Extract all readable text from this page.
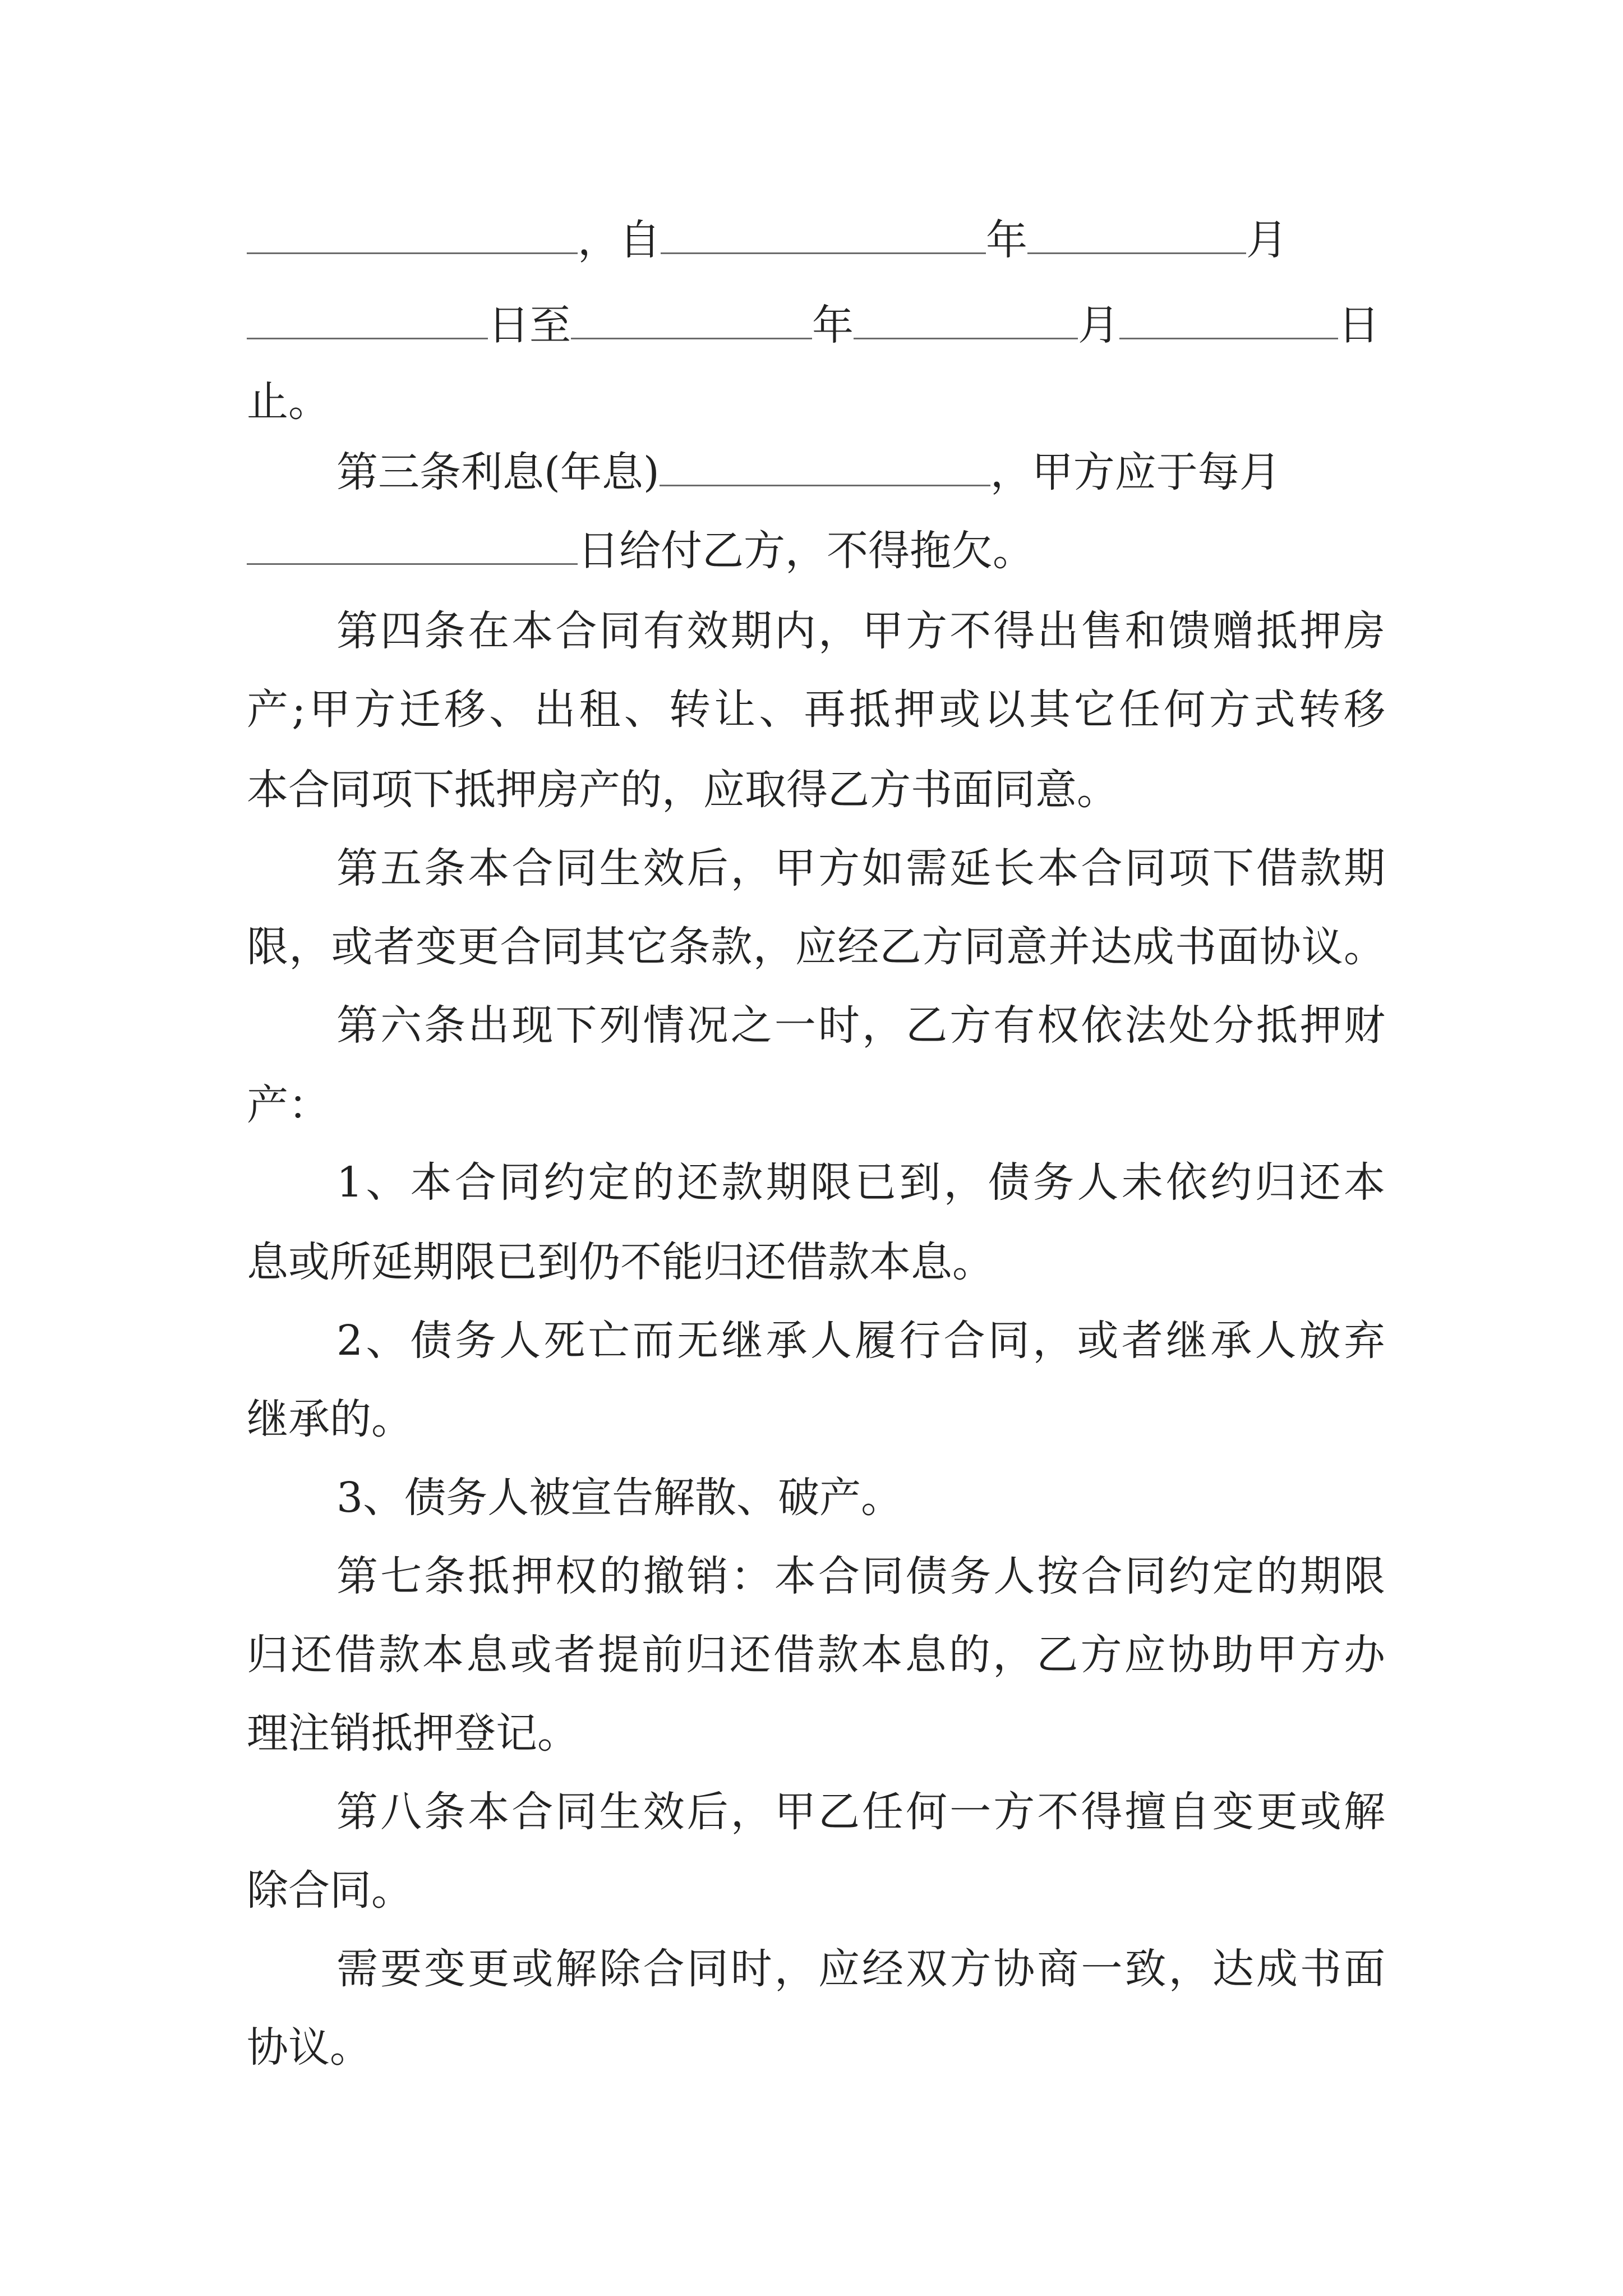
，自	年	月
日至	年	月	日
止。
第三条利息(年息)	，甲方应于每月
日给付乙方，不得拖欠。
第四条在本合同有效期内，甲方不得出售和馈赠抵押房
产;甲方迁移、出租、转让、再抵押或以其它任何方式转移
本合同项下抵押房产的，应取得乙方书面同意。
第五条本合同生效后，甲方如需延长本合同项下借款期
限，或者变更合同其它条款，应经乙方同意并达成书面协议。
第六条出现下列情况之一时，乙方有权依法处分抵押财
产：
1、本合同约定的还款期限已到，债务人未依约归还本
息或所延期限已到仍不能归还借款本息。
2、债务人死亡而无继承人履行合同，或者继承人放弃
继承的。
3、债务人被宣告解散、破产。
第七条抵押权的撤销：本合同债务人按合同约定的期限
归还借款本息或者提前归还借款本息的，乙方应协助甲方办
理注销抵押登记。
第八条本合同生效后，甲乙任何一方不得擅自变更或解
除合同。
需要变更或解除合同时，应经双方协商一致，达成书面
协议。
